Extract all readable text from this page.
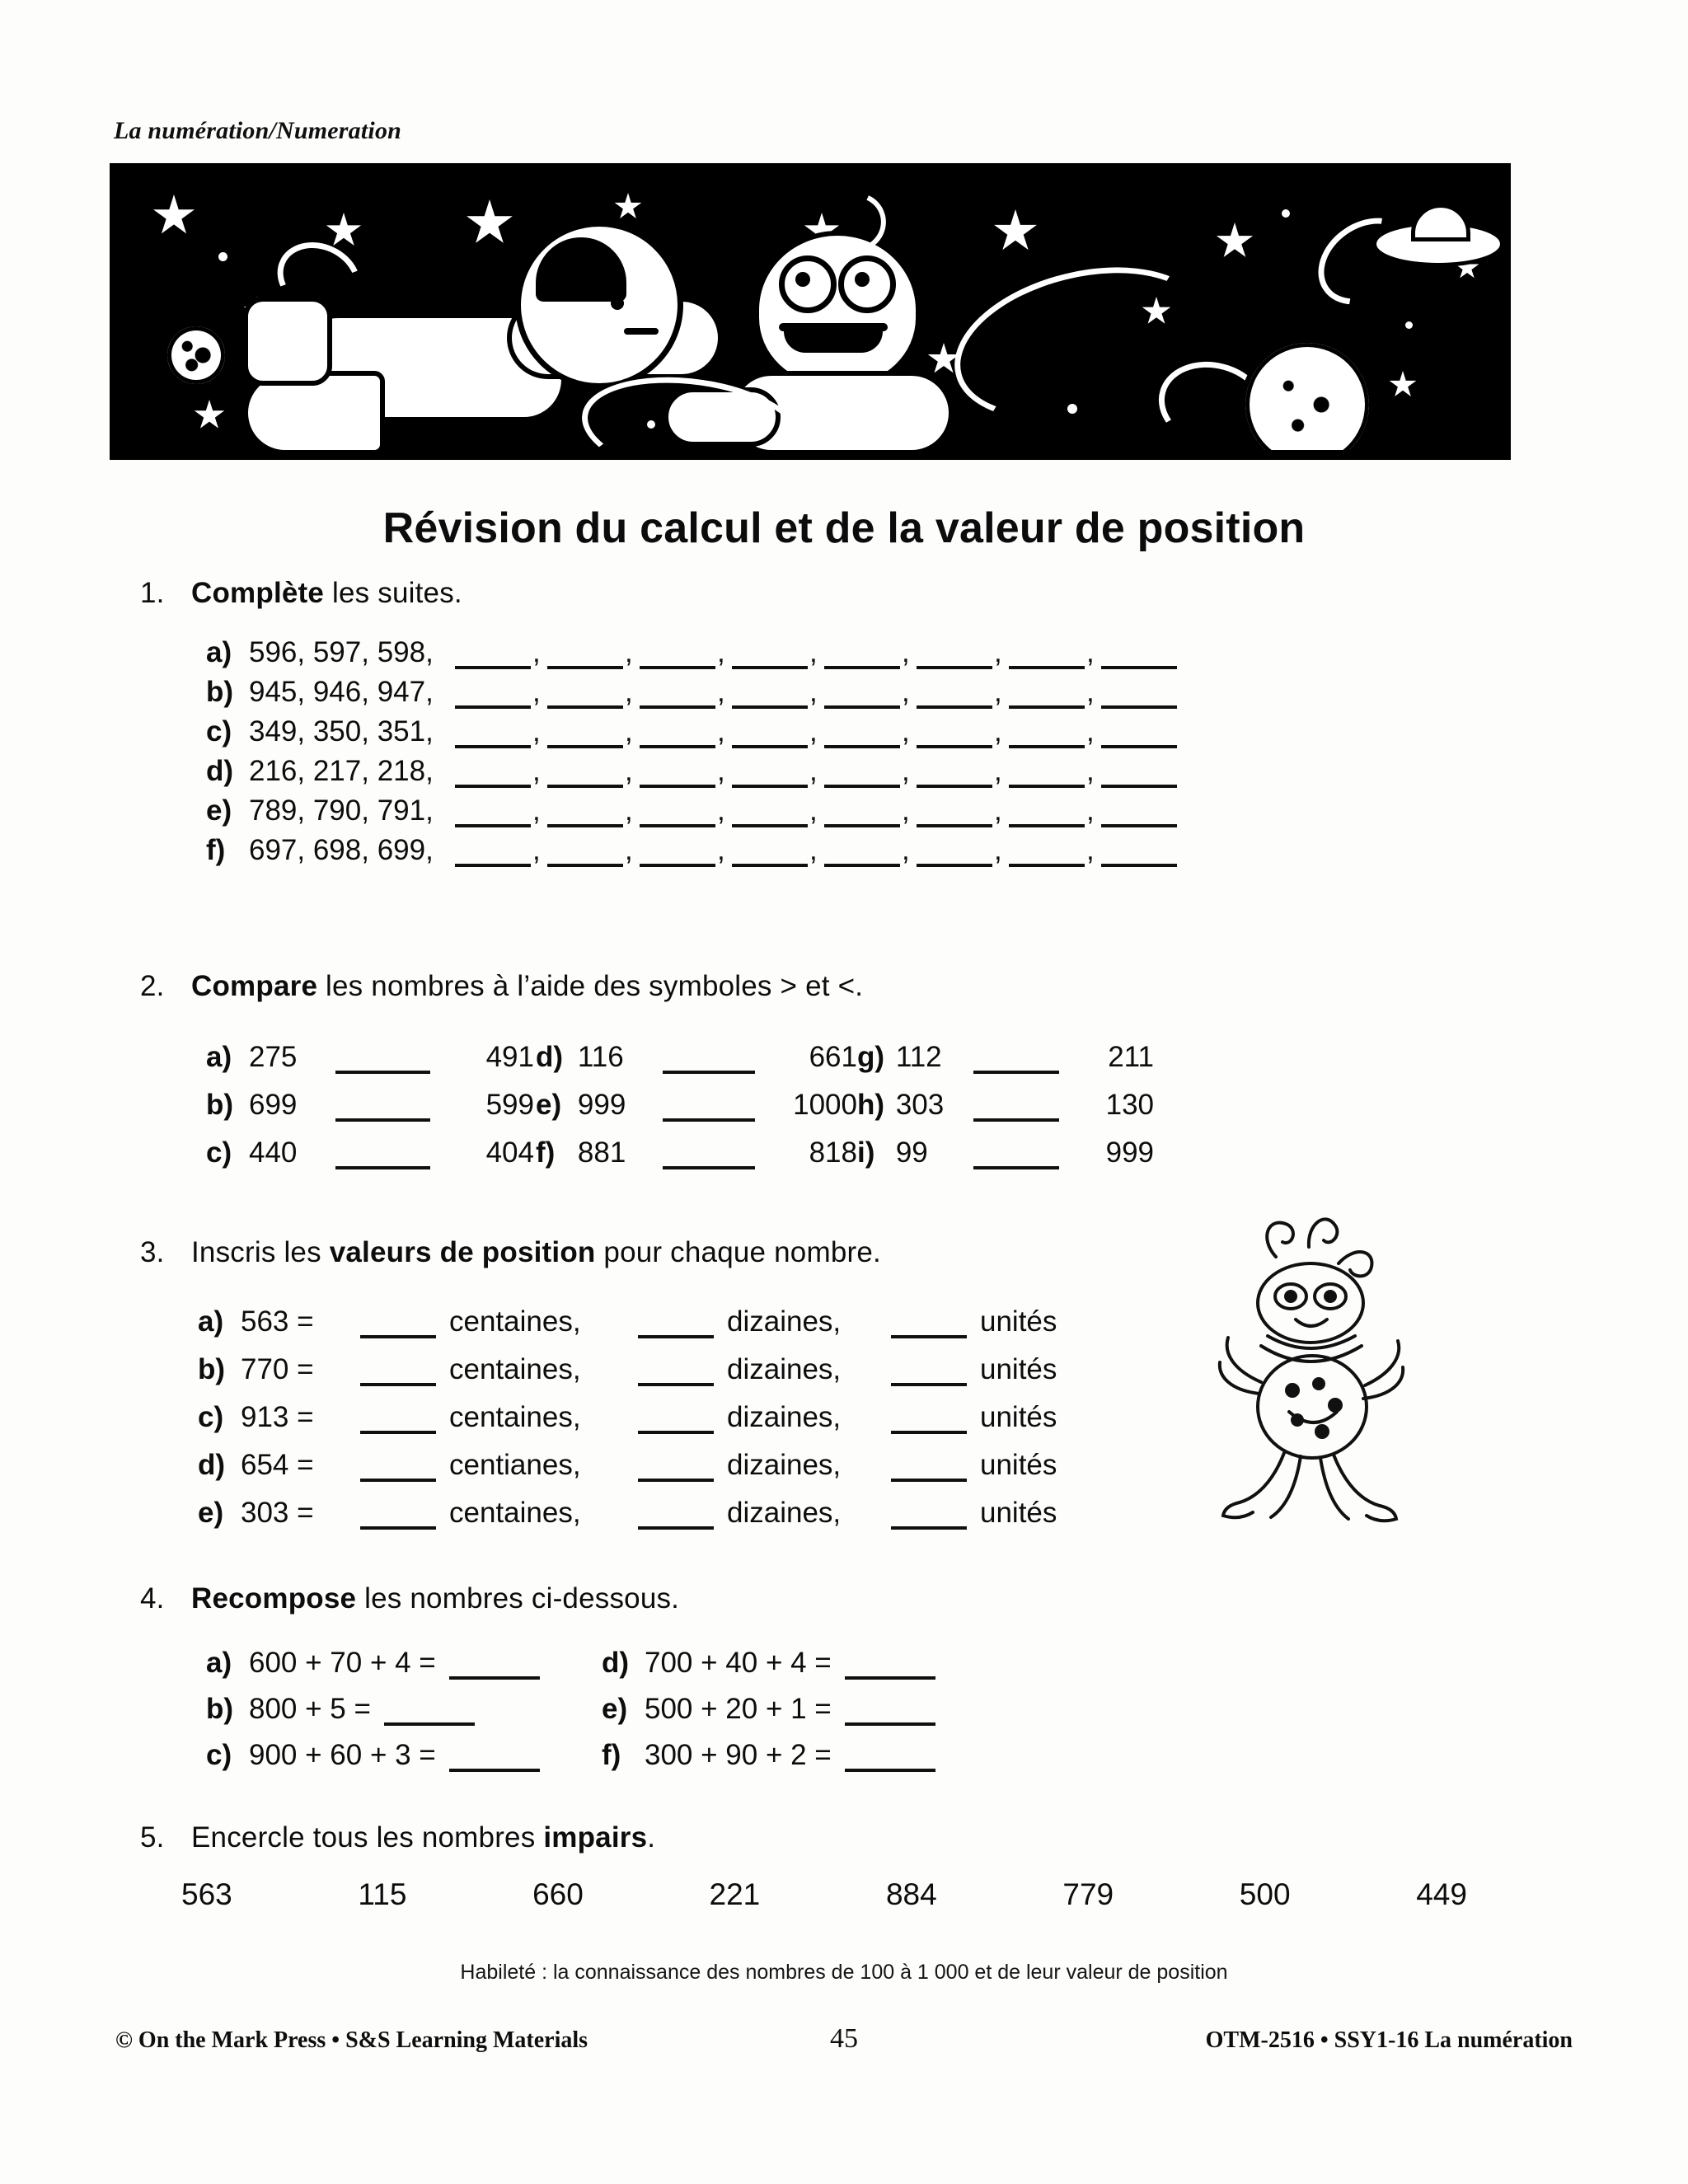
La numération/Numeration
Révision du calcul et de la valeur de position
1. Complète les suites.
a) 596, 597, 598,	,	,	,	,	,	,	,
b) 945, 946, 947,	,	,	,	,	,	,	,
c) 349, 350, 351,	,	,	,	,	,	,	,
d) 216, 217, 218,	,	,	,	,	,	,	,
e) 789, 790, 791,	,	,	,	,	,	,	,
f) 697, 698, 699,	,	,	,	,	,	,	,
2. Compare les nombres à l’aide des symboles > et <.
a) 275	491
b) 699	599
c) 440	404
d) 116	661
e) 999	1000
f) 881	818
g) 112	211
h) 303	130
i) 99	999
3. Inscris les valeurs de position pour chaque nombre.
a) 563 =	centaines,	dizaines,	unités
b) 770 =	centaines,	dizaines,	unités
c) 913 =	centaines,	dizaines,	unités
d) 654 =	centianes,	dizaines,	unités
e) 303 =	centaines,	dizaines,	unités
4. Recompose les nombres ci-dessous.
a) 600 + 70 + 4 =
b) 800 + 5 =
c) 900 + 60 + 3 =
d) 700 + 40 + 4 =
e) 500 + 20 + 1 =
f) 300 + 90 + 2 =
5. Encercle tous les nombres impairs.
563	115	660	221	884	779	500	449
Habileté : la connaissance des nombres de 100 à 1 000 et de leur valeur de position
© On the Mark Press • S&S Learning Materials	OTM-2516 • SSY1-16 La numération
45
